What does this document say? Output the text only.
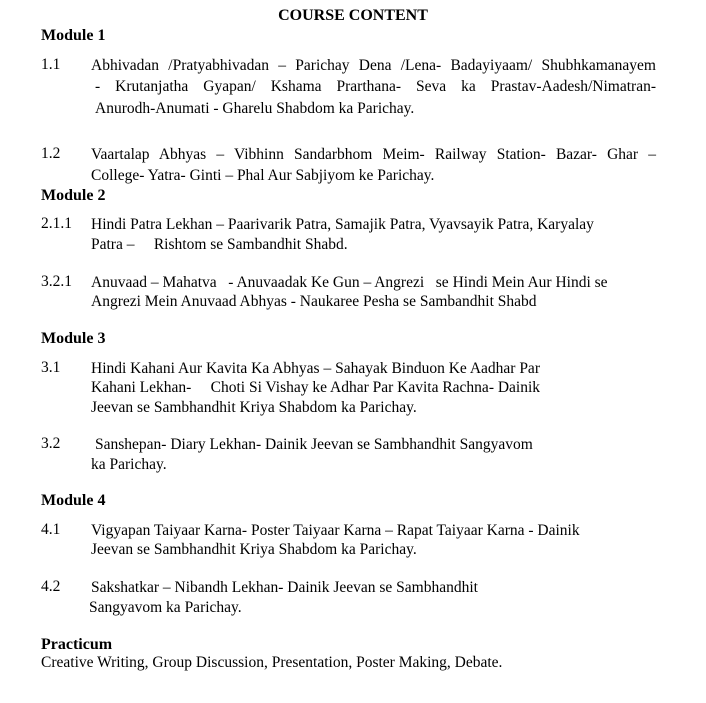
COURSE CONTENT
Module 1
1.1 Abhivadan /Pratyabhivadan – Parichay Dena /Lena- Badayiyaam/ Shubhkamanayem
- Krutanjatha Gyapan/ Kshama Prarthana- Seva ka Prastav-Aadesh/Nimatran-
Anurodh-Anumati - Gharelu Shabdom ka Parichay.
1.2 Vaartalap Abhyas – Vibhinn Sandarbhom Meim- Railway Station- Bazar- Ghar –
College- Yatra- Ginti – Phal Aur Sabjiyom ke Parichay.
Module 2
2.1.1 Hindi Patra Lekhan – Paarivarik Patra, Samajik Patra, Vyavsayik Patra, Karyalay
Patra –     Rishtom se Sambandhit Shabd.
3.2.1 Anuvaad – Mahatva   - Anuvaadak Ke Gun – Angrezi   se Hindi Mein Aur Hindi se
Angrezi Mein Anuvaad Abhyas - Naukaree Pesha se Sambandhit Shabd
Module 3
3.1 Hindi Kahani Aur Kavita Ka Abhyas – Sahayak Binduon Ke Aadhar Par
Kahani Lekhan-     Choti Si Vishay ke Adhar Par Kavita Rachna- Dainik
Jeevan se Sambhandhit Kriya Shabdom ka Parichay.
3.2 Sanshepan- Diary Lekhan- Dainik Jeevan se Sambhandhit Sangyavom
ka Parichay.
Module 4
4.1 Vigyapan Taiyaar Karna- Poster Taiyaar Karna – Rapat Taiyaar Karna - Dainik
Jeevan se Sambhandhit Kriya Shabdom ka Parichay.
4.2 Sakshatkar – Nibandh Lekhan- Dainik Jeevan se Sambhandhit
Sangyavom ka Parichay.
Practicum
Creative Writing, Group Discussion, Presentation, Poster Making, Debate.
